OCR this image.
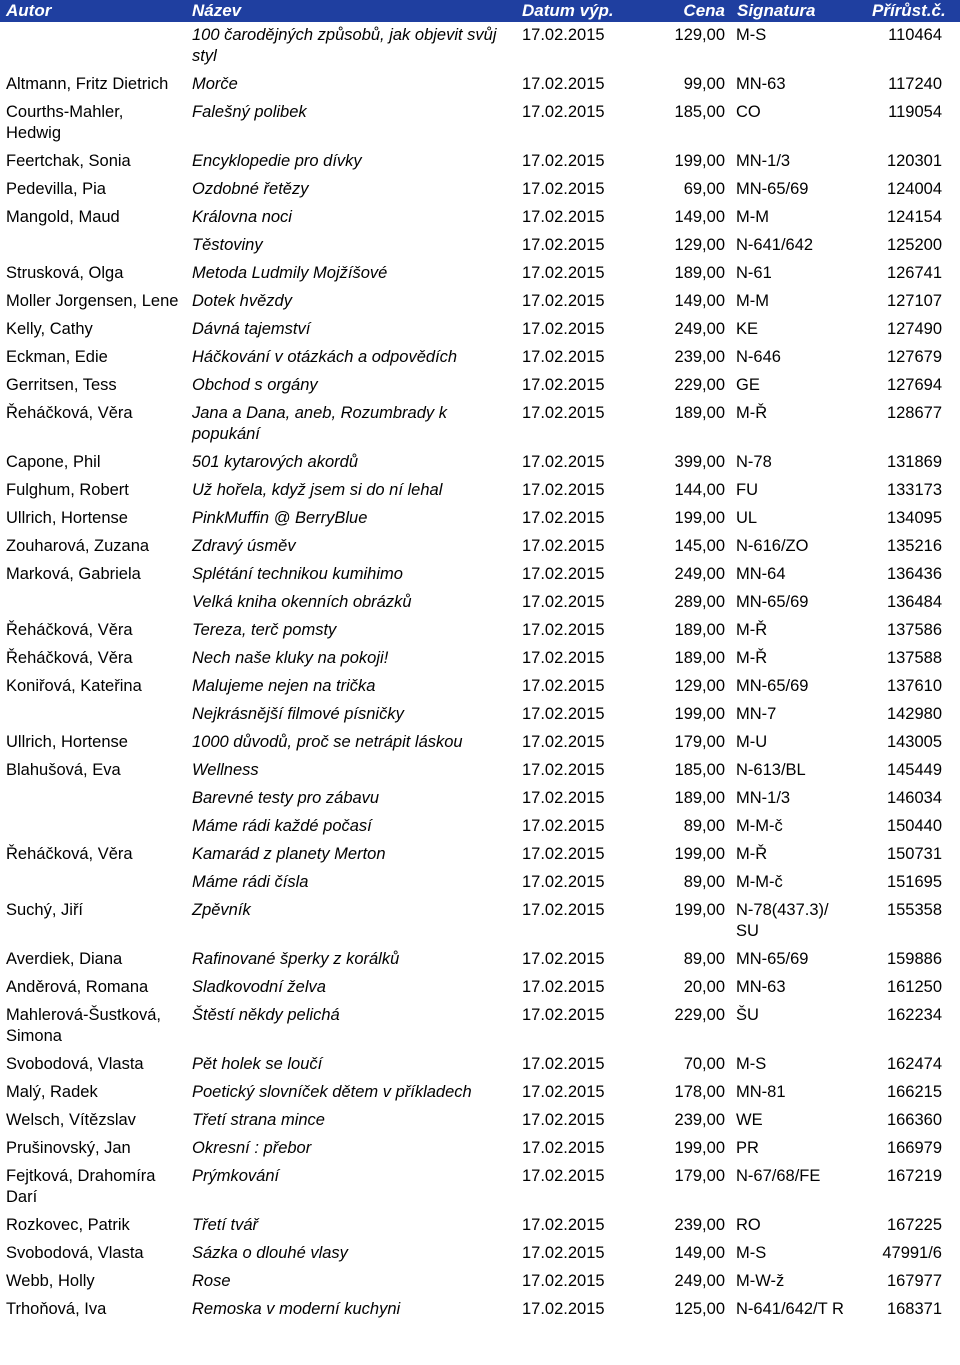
Autor	Název	Datum výp.	Cena	Signatura	Přírůst.č.
	100 čarodějných způsobů, jak objevit svůj styl	17.02.2015	129,00	M-S	110464
Altmann, Fritz Dietrich	Morče	17.02.2015	99,00	MN-63	117240
Courths-Mahler, Hedwig	Falešný polibek	17.02.2015	185,00	CO	119054
Feertchak, Sonia	Encyklopedie pro dívky	17.02.2015	199,00	MN-1/3	120301
Pedevilla, Pia	Ozdobné řetězy	17.02.2015	69,00	MN-65/69	124004
Mangold, Maud	Královna noci	17.02.2015	149,00	M-M	124154
	Těstoviny	17.02.2015	129,00	N-641/642	125200
Strusková, Olga	Metoda Ludmily Mojžíšové	17.02.2015	189,00	N-61	126741
Moller Jorgensen, Lene	Dotek hvězdy	17.02.2015	149,00	M-M	127107
Kelly, Cathy	Dávná tajemství	17.02.2015	249,00	KE	127490
Eckman, Edie	Háčkování v otázkách a odpovědích	17.02.2015	239,00	N-646	127679
Gerritsen, Tess	Obchod s orgány	17.02.2015	229,00	GE	127694
Řeháčková, Věra	Jana a Dana, aneb, Rozumbrady k popukání	17.02.2015	189,00	M-Ř	128677
Capone, Phil	501 kytarových akordů	17.02.2015	399,00	N-78	131869
Fulghum, Robert	Už hořela, když jsem si do ní lehal	17.02.2015	144,00	FU	133173
Ullrich, Hortense	PinkMuffin @ BerryBlue	17.02.2015	199,00	UL	134095
Zouharová, Zuzana	Zdravý úsměv	17.02.2015	145,00	N-616/ZO	135216
Marková, Gabriela	Splétání technikou kumihimo	17.02.2015	249,00	MN-64	136436
	Velká kniha okenních obrázků	17.02.2015	289,00	MN-65/69	136484
Řeháčková, Věra	Tereza, terč pomsty	17.02.2015	189,00	M-Ř	137586
Řeháčková, Věra	Nech naše kluky na pokoji!	17.02.2015	189,00	M-Ř	137588
Koniřová, Kateřina	Malujeme nejen na trička	17.02.2015	129,00	MN-65/69	137610
	Nejkrásnější filmové písničky	17.02.2015	199,00	MN-7	142980
Ullrich, Hortense	1000 důvodů, proč se netrápit láskou	17.02.2015	179,00	M-U	143005
Blahušová, Eva	Wellness	17.02.2015	185,00	N-613/BL	145449
	Barevné testy pro zábavu	17.02.2015	189,00	MN-1/3	146034
	Máme rádi každé počasí	17.02.2015	89,00	M-M-č	150440
Řeháčková, Věra	Kamarád z planety Merton	17.02.2015	199,00	M-Ř	150731
	Máme rádi čísla	17.02.2015	89,00	M-M-č	151695
Suchý, Jiří	Zpěvník	17.02.2015	199,00	N-78(437.3)/ SU	155358
Averdiek, Diana	Rafinované šperky z korálků	17.02.2015	89,00	MN-65/69	159886
Anděrová, Romana	Sladkovodní želva	17.02.2015	20,00	MN-63	161250
Mahlerová-Šustková, Simona	Štěstí někdy pelichá	17.02.2015	229,00	ŠU	162234
Svobodová, Vlasta	Pět holek se loučí	17.02.2015	70,00	M-S	162474
Malý, Radek	Poetický slovníček dětem v příkladech	17.02.2015	178,00	MN-81	166215
Welsch, Vítězslav	Třetí strana mince	17.02.2015	239,00	WE	166360
Prušinovský, Jan	Okresní : přebor	17.02.2015	199,00	PR	166979
Fejtková, Drahomíra Darí	Prýmkování	17.02.2015	179,00	N-67/68/FE	167219
Rozkovec, Patrik	Třetí tvář	17.02.2015	239,00	RO	167225
Svobodová, Vlasta	Sázka o dlouhé vlasy	17.02.2015	149,00	M-S	47991/6
Webb, Holly	Rose	17.02.2015	249,00	M-W-ž	167977
Trhoňová, Iva	Remoska v moderní kuchyni	17.02.2015	125,00	N-641/642/T R	168371
